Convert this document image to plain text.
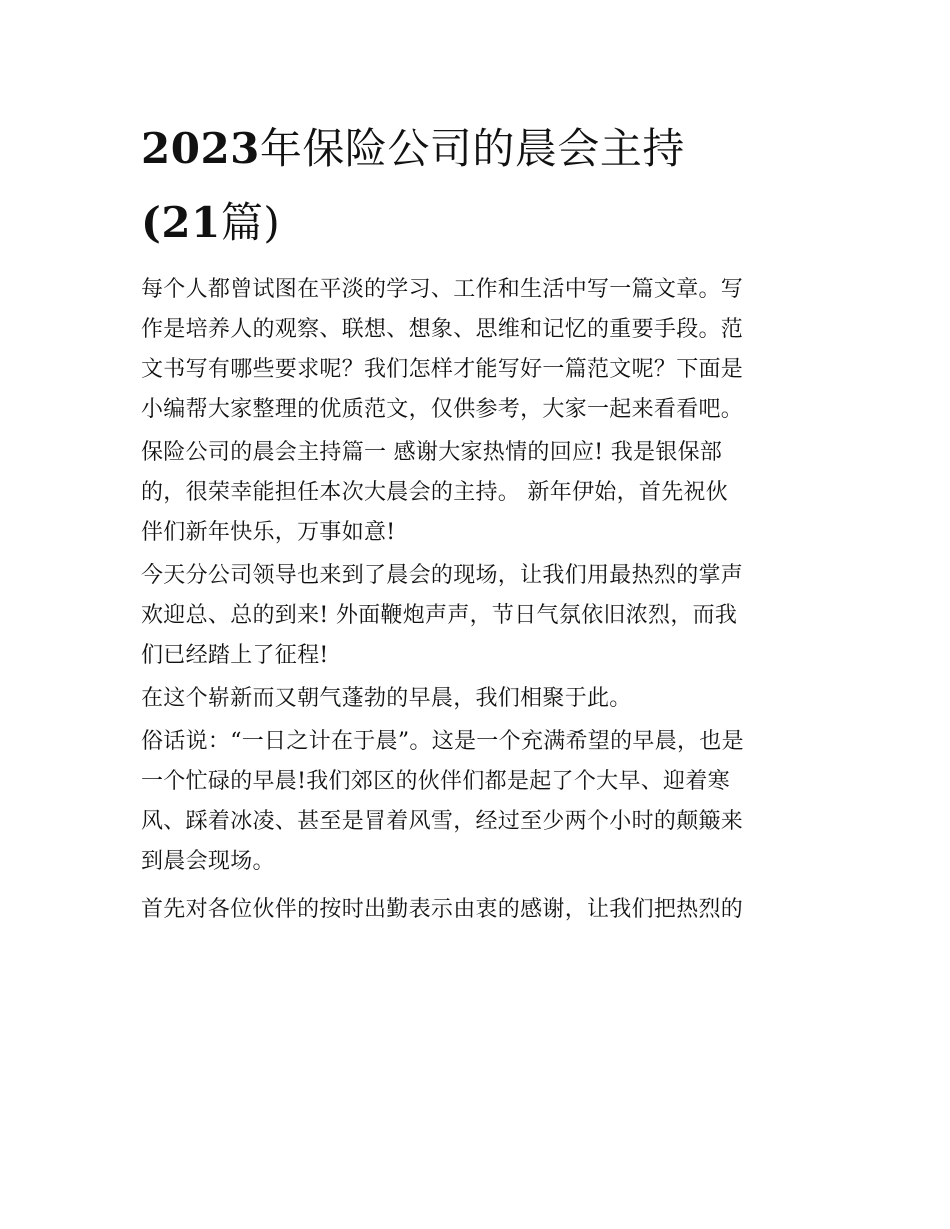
2023年保险公司的晨会主持
(21篇)
每个人都曾试图在平淡的学习、工作和生活中写一篇文章。写
作是培养人的观察、联想、想象、思维和记忆的重要手段。范
文书写有哪些要求呢？我们怎样才能写好一篇范文呢？下面是
小编帮大家整理的优质范文，仅供参考，大家一起来看看吧。
保险公司的晨会主持篇一 感谢大家热情的回应! 我是银保部
的，很荣幸能担任本次大晨会的主持。 新年伊始，首先祝伙
伴们新年快乐，万事如意!
今天分公司领导也来到了晨会的现场，让我们用最热烈的掌声
欢迎总、总的到来! 外面鞭炮声声，节日气氛依旧浓烈，而我
们已经踏上了征程!
在这个崭新而又朝气蓬勃的早晨，我们相聚于此。
俗话说：“一日之计在于晨”。这是一个充满希望的早晨，也是
一个忙碌的早晨!我们郊区的伙伴们都是起了个大早、迎着寒
风、踩着冰凌、甚至是冒着风雪，经过至少两个小时的颠簸来
到晨会现场。
首先对各位伙伴的按时出勤表示由衷的感谢，让我们把热烈的
